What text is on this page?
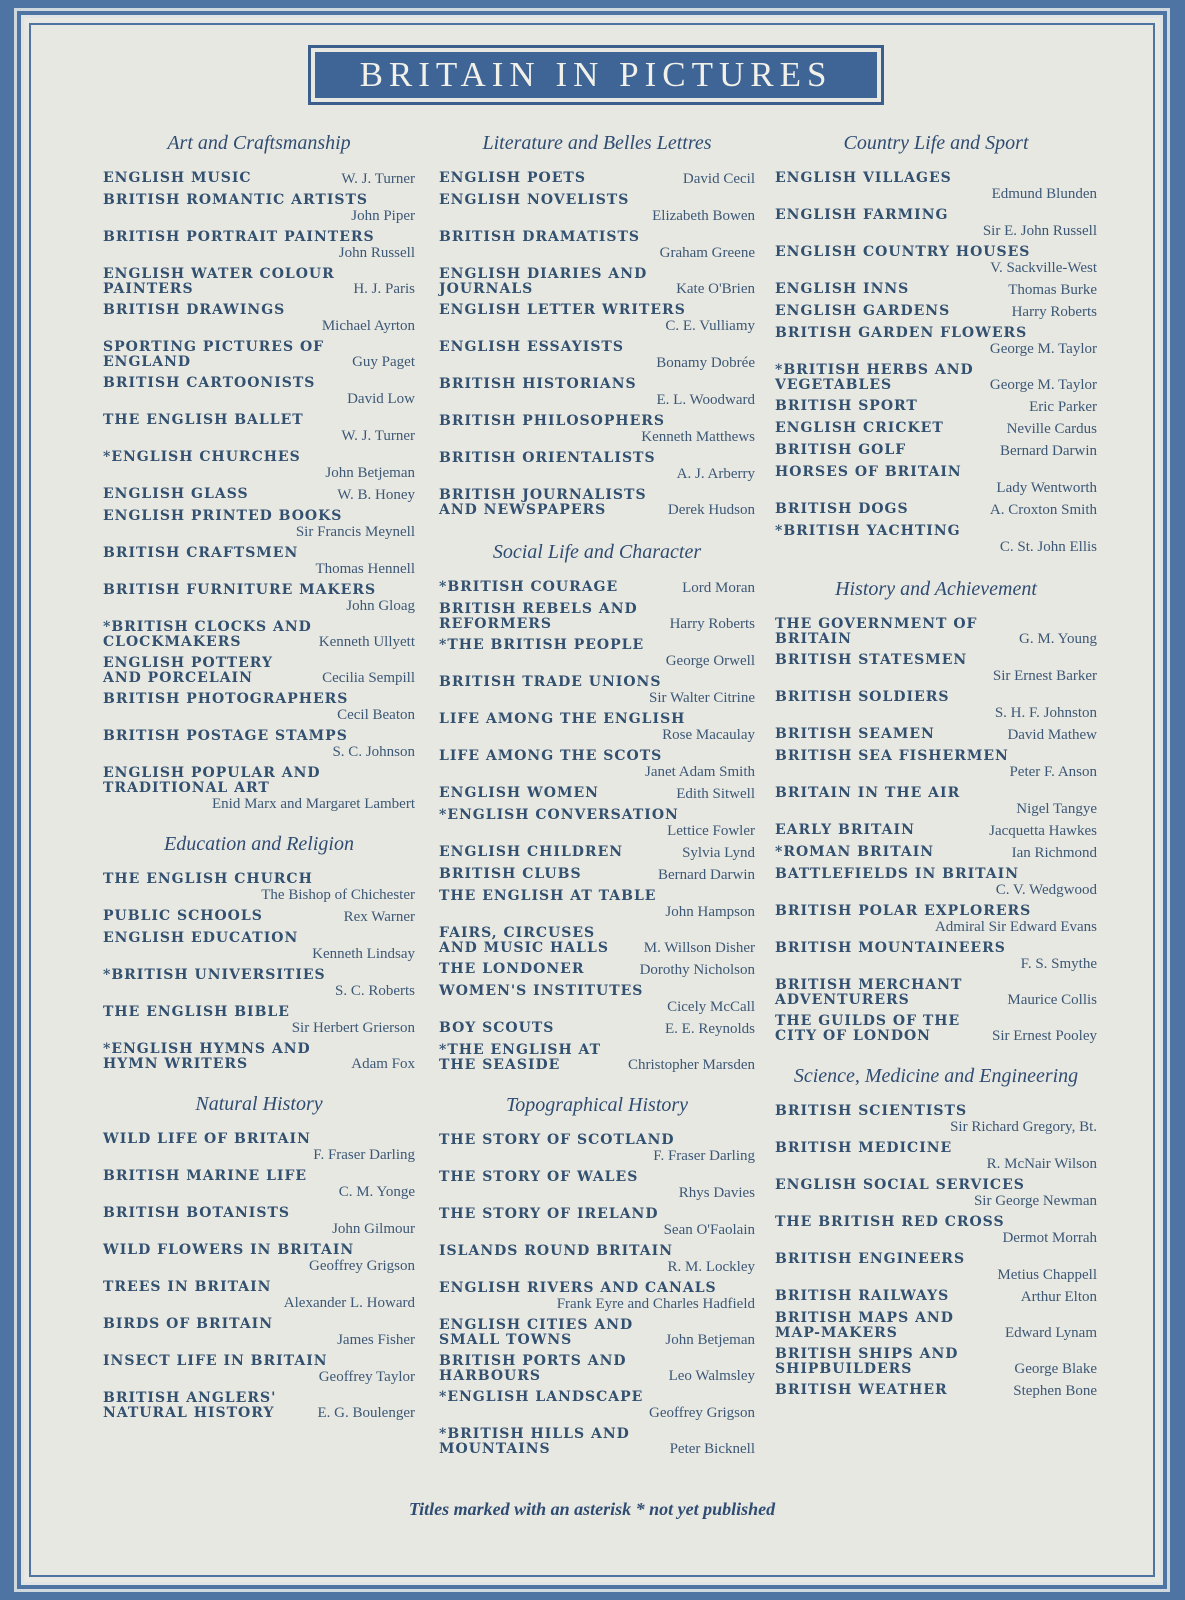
BRITAIN IN PICTURES
Art and Craftsmanship
ENGLISH MUSIC	W. J. Turner
BRITISH ROMANTIC ARTISTS
John Piper
BRITISH PORTRAIT PAINTERS
John Russell
ENGLISH WATER COLOUR PAINTERS	H. J. Paris
BRITISH DRAWINGS
Michael Ayrton
SPORTING PICTURES OF ENGLAND	Guy Paget
BRITISH CARTOONISTS
David Low
THE ENGLISH BALLET
W. J. Turner
*ENGLISH CHURCHES
John Betjeman
ENGLISH GLASS	W. B. Honey
ENGLISH PRINTED BOOKS
Sir Francis Meynell
BRITISH CRAFTSMEN
Thomas Hennell
BRITISH FURNITURE MAKERS
John Gloag
*BRITISH CLOCKS AND CLOCKMAKERS	Kenneth Ullyett
ENGLISH POTTERY AND PORCELAIN	Cecilia Sempill
BRITISH PHOTOGRAPHERS
Cecil Beaton
BRITISH POSTAGE STAMPS
S. C. Johnson
ENGLISH POPULAR AND TRADITIONAL ART
Enid Marx and Margaret Lambert
Education and Religion
THE ENGLISH CHURCH
The Bishop of Chichester
PUBLIC SCHOOLS	Rex Warner
ENGLISH EDUCATION
Kenneth Lindsay
*BRITISH UNIVERSITIES
S. C. Roberts
THE ENGLISH BIBLE
Sir Herbert Grierson
*ENGLISH HYMNS AND HYMN WRITERS	Adam Fox
Natural History
WILD LIFE OF BRITAIN
F. Fraser Darling
BRITISH MARINE LIFE
C. M. Yonge
BRITISH BOTANISTS
John Gilmour
WILD FLOWERS IN BRITAIN
Geoffrey Grigson
TREES IN BRITAIN
Alexander L. Howard
BIRDS OF BRITAIN
James Fisher
INSECT LIFE IN BRITAIN
Geoffrey Taylor
BRITISH ANGLERS' NATURAL HISTORY	E. G. Boulenger
Literature and Belles Lettres
ENGLISH POETS	David Cecil
ENGLISH NOVELISTS
Elizabeth Bowen
BRITISH DRAMATISTS
Graham Greene
ENGLISH DIARIES AND JOURNALS	Kate O'Brien
ENGLISH LETTER WRITERS
C. E. Vulliamy
ENGLISH ESSAYISTS
Bonamy Dobrée
BRITISH HISTORIANS
E. L. Woodward
BRITISH PHILOSOPHERS
Kenneth Matthews
BRITISH ORIENTALISTS
A. J. Arberry
BRITISH JOURNALISTS AND NEWSPAPERS	Derek Hudson
Social Life and Character
*BRITISH COURAGE	Lord Moran
BRITISH REBELS AND REFORMERS	Harry Roberts
*THE BRITISH PEOPLE
George Orwell
BRITISH TRADE UNIONS
Sir Walter Citrine
LIFE AMONG THE ENGLISH
Rose Macaulay
LIFE AMONG THE SCOTS
Janet Adam Smith
ENGLISH WOMEN	Edith Sitwell
*ENGLISH CONVERSATION
Lettice Fowler
ENGLISH CHILDREN	Sylvia Lynd
BRITISH CLUBS	Bernard Darwin
THE ENGLISH AT TABLE
John Hampson
FAIRS, CIRCUSES AND MUSIC HALLS	M. Willson Disher
THE LONDONER	Dorothy Nicholson
WOMEN'S INSTITUTES
Cicely McCall
BOY SCOUTS	E. E. Reynolds
*THE ENGLISH AT THE SEASIDE	Christopher Marsden
Topographical History
THE STORY OF SCOTLAND
F. Fraser Darling
THE STORY OF WALES
Rhys Davies
THE STORY OF IRELAND
Sean O'Faolain
ISLANDS ROUND BRITAIN
R. M. Lockley
ENGLISH RIVERS AND CANALS
Frank Eyre and Charles Hadfield
ENGLISH CITIES AND SMALL TOWNS	John Betjeman
BRITISH PORTS AND HARBOURS	Leo Walmsley
*ENGLISH LANDSCAPE
Geoffrey Grigson
*BRITISH HILLS AND MOUNTAINS	Peter Bicknell
Country Life and Sport
ENGLISH VILLAGES
Edmund Blunden
ENGLISH FARMING
Sir E. John Russell
ENGLISH COUNTRY HOUSES
V. Sackville-West
ENGLISH INNS	Thomas Burke
ENGLISH GARDENS	Harry Roberts
BRITISH GARDEN FLOWERS
George M. Taylor
*BRITISH HERBS AND VEGETABLES	George M. Taylor
BRITISH SPORT	Eric Parker
ENGLISH CRICKET	Neville Cardus
BRITISH GOLF	Bernard Darwin
HORSES OF BRITAIN
Lady Wentworth
BRITISH DOGS	A. Croxton Smith
*BRITISH YACHTING
C. St. John Ellis
History and Achievement
THE GOVERNMENT OF BRITAIN	G. M. Young
BRITISH STATESMEN
Sir Ernest Barker
BRITISH SOLDIERS
S. H. F. Johnston
BRITISH SEAMEN	David Mathew
BRITISH SEA FISHERMEN
Peter F. Anson
BRITAIN IN THE AIR
Nigel Tangye
EARLY BRITAIN	Jacquetta Hawkes
*ROMAN BRITAIN	Ian Richmond
BATTLEFIELDS IN BRITAIN
C. V. Wedgwood
BRITISH POLAR EXPLORERS
Admiral Sir Edward Evans
BRITISH MOUNTAINEERS
F. S. Smythe
BRITISH MERCHANT ADVENTURERS	Maurice Collis
THE GUILDS OF THE CITY OF LONDON	Sir Ernest Pooley
Science, Medicine and Engineering
BRITISH SCIENTISTS
Sir Richard Gregory, Bt.
BRITISH MEDICINE
R. McNair Wilson
ENGLISH SOCIAL SERVICES
Sir George Newman
THE BRITISH RED CROSS
Dermot Morrah
BRITISH ENGINEERS
Metius Chappell
BRITISH RAILWAYS	Arthur Elton
BRITISH MAPS AND MAP-MAKERS	Edward Lynam
BRITISH SHIPS AND SHIPBUILDERS	George Blake
BRITISH WEATHER	Stephen Bone
Titles marked with an asterisk * not yet published
